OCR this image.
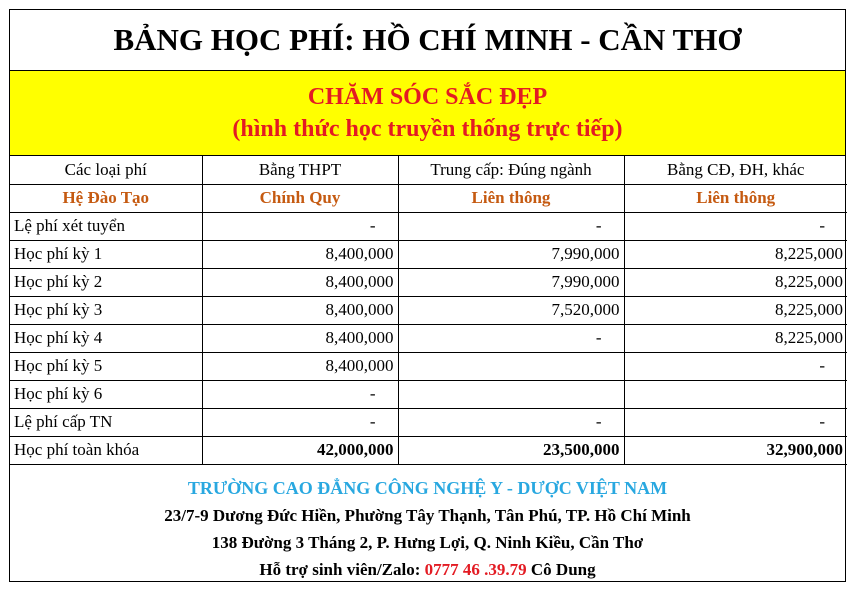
BẢNG HỌC PHÍ: HỒ CHÍ MINH - CẦN THƠ
CHĂM SÓC SẮC ĐẸP
(hình thức học truyền thống trực tiếp)
Các loại phí	Bằng THPT	Trung cấp: Đúng ngành	Bằng CĐ, ĐH, khác
Hệ Đào Tạo	Chính Quy	Liên thông	Liên thông
Lệ phí xét tuyển	-	-	-
Học phí kỳ 1	8,400,000	7,990,000	8,225,000
Học phí kỳ 2	8,400,000	7,990,000	8,225,000
Học phí kỳ 3	8,400,000	7,520,000	8,225,000
Học phí kỳ 4	8,400,000	-	8,225,000
Học phí kỳ 5	8,400,000		-
Học phí kỳ 6	-		
Lệ phí cấp TN	-	-	-
Học phí toàn khóa	42,000,000	23,500,000	32,900,000
TRƯỜNG CAO ĐẲNG CÔNG NGHỆ Y - DƯỢC VIỆT NAM
23/7-9 Dương Đức Hiền, Phường Tây Thạnh, Tân Phú, TP. Hồ Chí Minh
138 Đường 3 Tháng 2, P. Hưng Lợi, Q. Ninh Kiều, Cần Thơ
Hỗ trợ sinh viên/Zalo: 0777 46 .39.79 Cô Dung
